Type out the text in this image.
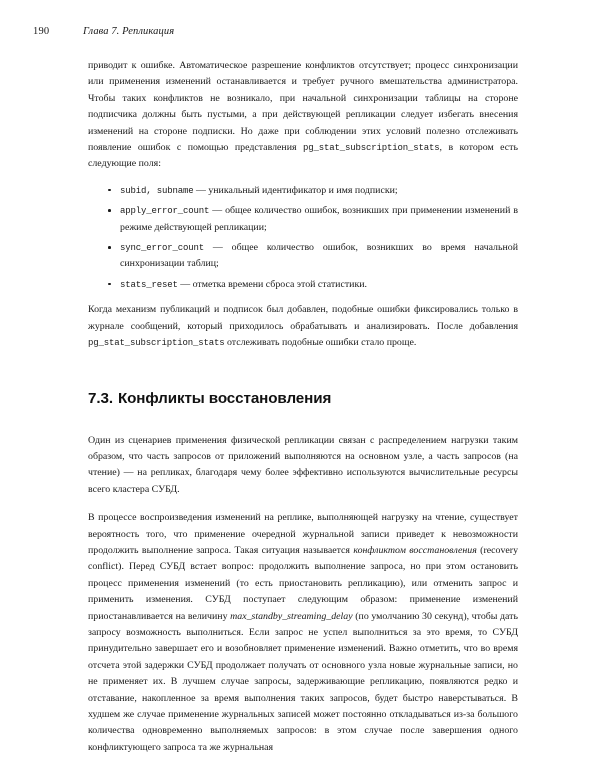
190	Глава 7. Репликация

приводит к ошибке. Автоматическое разрешение конфликтов отсутствует; процесс синхронизации или применения изменений останавливается и требует ручного вмешательства администратора. Чтобы таких конфликтов не возникало, при начальной синхронизации таблицы на стороне подписчика должны быть пустыми, а при действующей репликации следует избегать внесения изменений на стороне подписки. Но даже при соблюдении этих условий полезно отслеживать появление ошибок с помощью представления pg_stat_subscription_stats, в котором есть следующие поля:

subid, subname — уникальный идентификатор и имя подписки;
apply_error_count — общее количество ошибок, возникших при применении изменений в режиме действующей репликации;
sync_error_count — общее количество ошибок, возникших во время начальной синхронизации таблиц;
stats_reset — отметка времени сброса этой статистики.

Когда механизм публикаций и подписок был добавлен, подобные ошибки фиксировались только в журнале сообщений, который приходилось обрабатывать и анализировать. После добавления pg_stat_subscription_stats отслеживать подобные ошибки стало проще.

7.3. Конфликты восстановления

Один из сценариев применения физической репликации связан с распределением нагрузки таким образом, что часть запросов от приложений выполняются на основном узле, а часть запросов (на чтение) — на репликах, благодаря чему более эффективно используются вычислительные ресурсы всего кластера СУБД.

В процессе воспроизведения изменений на реплике, выполняющей нагрузку на чтение, существует вероятность того, что применение очередной журнальной записи приведет к невозможности продолжить выполнение запроса. Такая ситуация называется конфликтом восстановления (recovery conflict). Перед СУБД встает вопрос: продолжить выполнение запроса, но при этом остановить процесс применения изменений (то есть приостановить репликацию), или отменить запрос и применить изменения. СУБД поступает следующим образом: применение изменений приостанавливается на величину max_standby_streaming_delay (по умолчанию 30 секунд), чтобы дать запросу возможность выполниться. Если запрос не успел выполниться за это время, то СУБД принудительно завершает его и возобновляет применение изменений. Важно отметить, что во время отсчета этой задержки СУБД продолжает получать от основного узла новые журнальные записи, но не применяет их. В лучшем случае запросы, задерживающие репликацию, появляются редко и отставание, накопленное за время выполнения таких запросов, будет быстро наверстываться. В худшем же случае применение журнальных записей может постоянно откладываться из-за большого количества одновременно выполняемых запросов: в этом случае после завершения одного конфликтующего запроса та же журнальная
